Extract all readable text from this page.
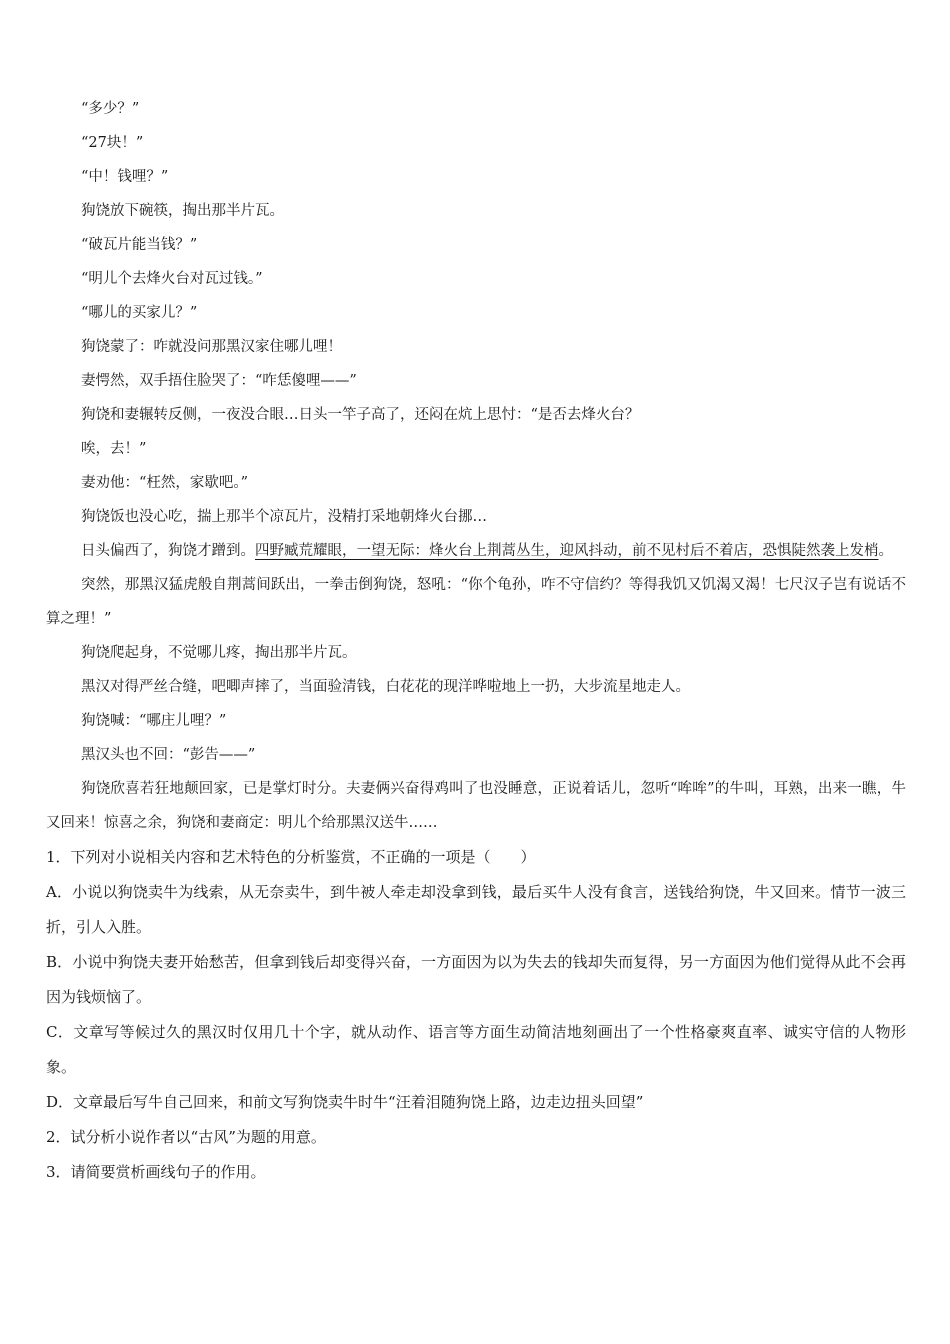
“多少？”

“27块！”

“中！钱哩？”

狗饶放下碗筷，掏出那半片瓦。

“破瓦片能当钱？”

“明儿个去烽火台对瓦过钱。”

“哪儿的买家儿？”

狗饶蒙了：咋就没问那黑汉家住哪儿哩！

妻愕然，双手捂住脸哭了：“咋恁傻哩——”

狗饶和妻辗转反侧，一夜没合眼…日头一竿子高了，还闷在炕上思忖：“是否去烽火台？

唉，去！”

妻劝他：“枉然，家歇吧。”

狗饶饭也没心吃，揣上那半个凉瓦片，没精打采地朝烽火台挪…

日头偏西了，狗饶才蹭到。四野臧荒耀眼，一望无际：烽火台上荆蒿丛生，迎风抖动，前不见村后不着店，恐惧陡然袭上发梢。

突然，那黑汉猛虎般自荆蒿间跃出，一拳击倒狗饶，怒吼：“你个龟孙，咋不守信约？等得我饥又饥渴又渴！七尺汉子岂有说话不算之理！”

狗饶爬起身，不觉哪儿疼，掏出那半片瓦。

黑汉对得严丝合缝，吧唧声摔了，当面验清钱，白花花的现洋哗啦地上一扔，大步流星地走人。

狗饶喊：“哪庄儿哩？”

黑汉头也不回：“彭告——”

狗饶欣喜若狂地颠回家，已是掌灯时分。夫妻俩兴奋得鸡叫了也没睡意，正说着话儿，忽听“哞哞”的牛叫，耳熟，出来一瞧，牛又回来！惊喜之余，狗饶和妻商定：明儿个给那黑汉送牛……

1．下列对小说相关内容和艺术特色的分析鉴赏，不正确的一项是（　　）

A．小说以狗饶卖牛为线索，从无奈卖牛，到牛被人牵走却没拿到钱，最后买牛人没有食言，送钱给狗饶，牛又回来。情节一波三折，引人入胜。

B．小说中狗饶夫妻开始愁苦，但拿到钱后却变得兴奋，一方面因为以为失去的钱却失而复得，另一方面因为他们觉得从此不会再因为钱烦恼了。

C．文章写等候过久的黑汉时仅用几十个字，就从动作、语言等方面生动简洁地刻画出了一个性格豪爽直率、诚实守信的人物形象。

D．文章最后写牛自己回来，和前文写狗饶卖牛时牛“汪着泪随狗饶上路，边走边扭头回望”

2．试分析小说作者以“古风”为题的用意。

3．请简要赏析画线句子的作用。
